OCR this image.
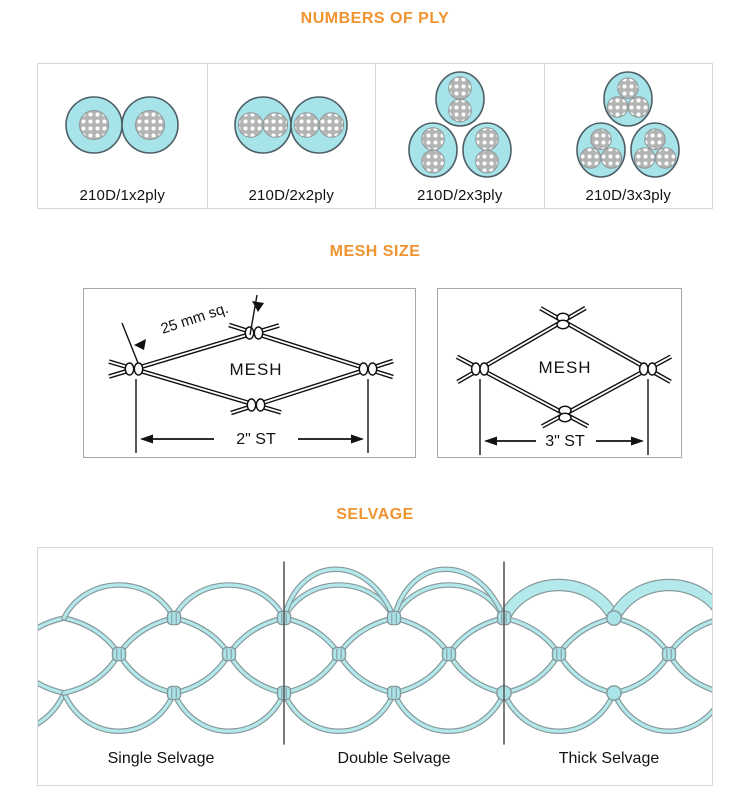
NUMBERS OF PLY
210D/1x2ply	210D/2x2ply	210D/2x3ply	210D/3x3ply
MESH SIZE
25 mm sq.
MESH
2" ST
MESH
3" ST
SELVAGE
Single Selvage	Double Selvage	Thick Selvage
